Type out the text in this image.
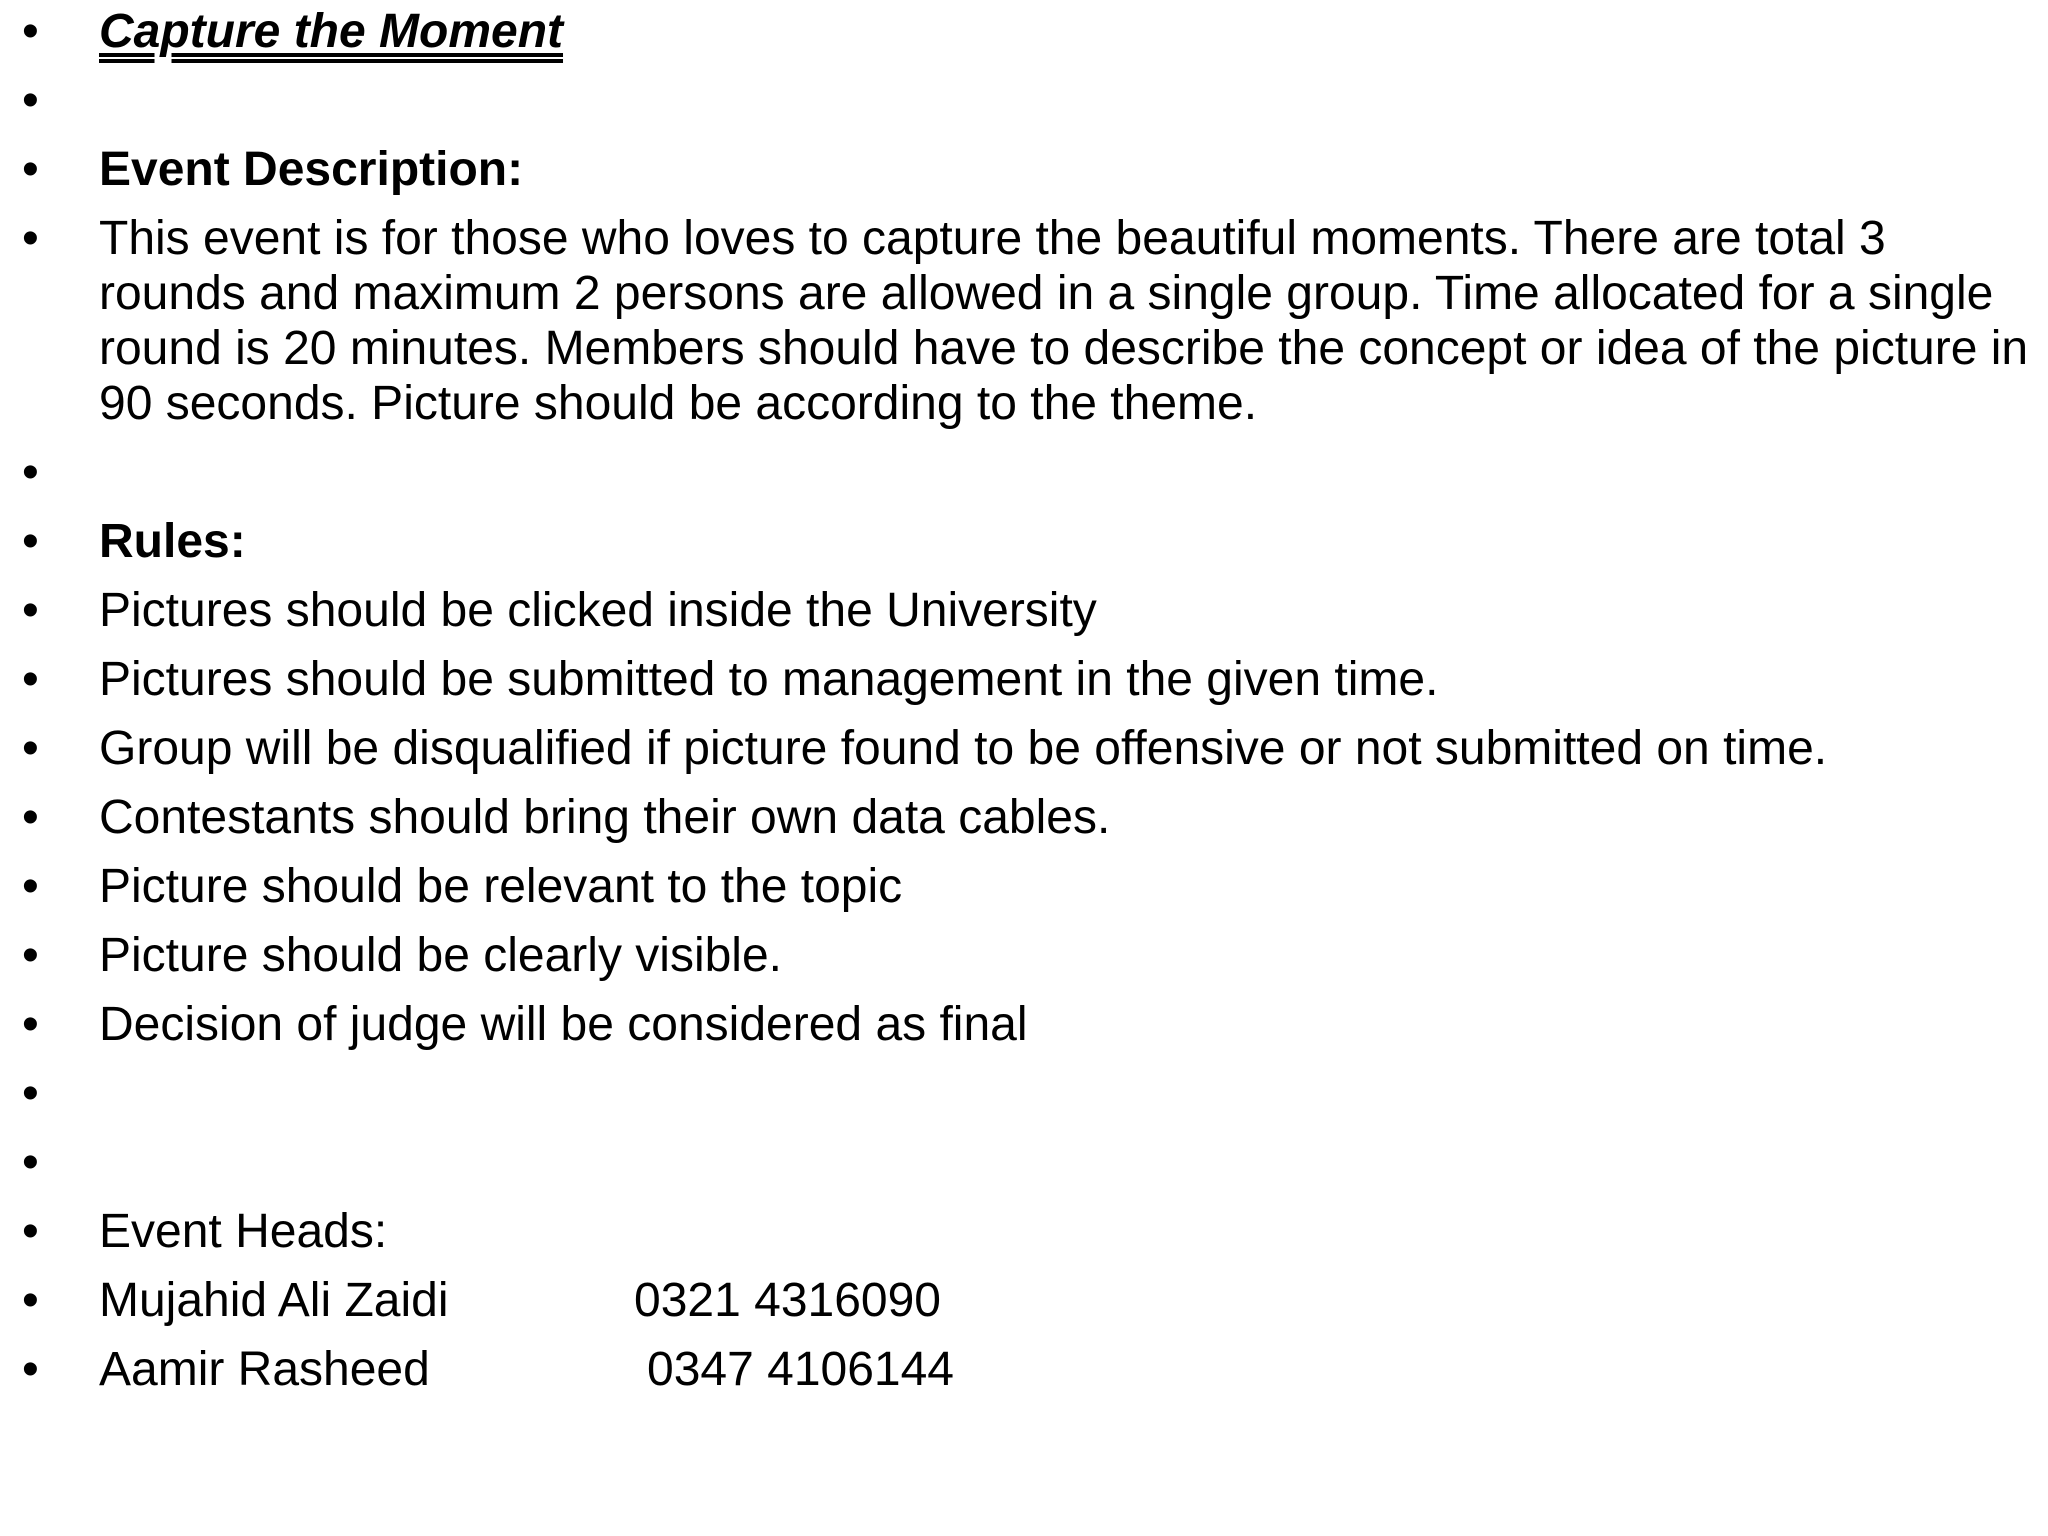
• Capture the Moment
•
• Event Description:
• This event is for those who loves to capture the beautiful moments. There are total 3 rounds and maximum 2 persons are allowed in a single group. Time allocated for a single round is 20 minutes. Members should have to describe the concept or idea of the picture in 90 seconds. Picture should be according to the theme.
•
• Rules:
• Pictures should be clicked inside the University
• Pictures should be submitted to management in the given time.
• Group will be disqualified if picture found to be offensive or not submitted on time.
• Contestants should bring their own data cables.
• Picture should be relevant to the topic
• Picture should be clearly visible.
• Decision of judge will be considered as final
•
•
• Event Heads:
• Mujahid Ali Zaidi	0321 4316090
• Aamir Rasheed	0347 4106144
